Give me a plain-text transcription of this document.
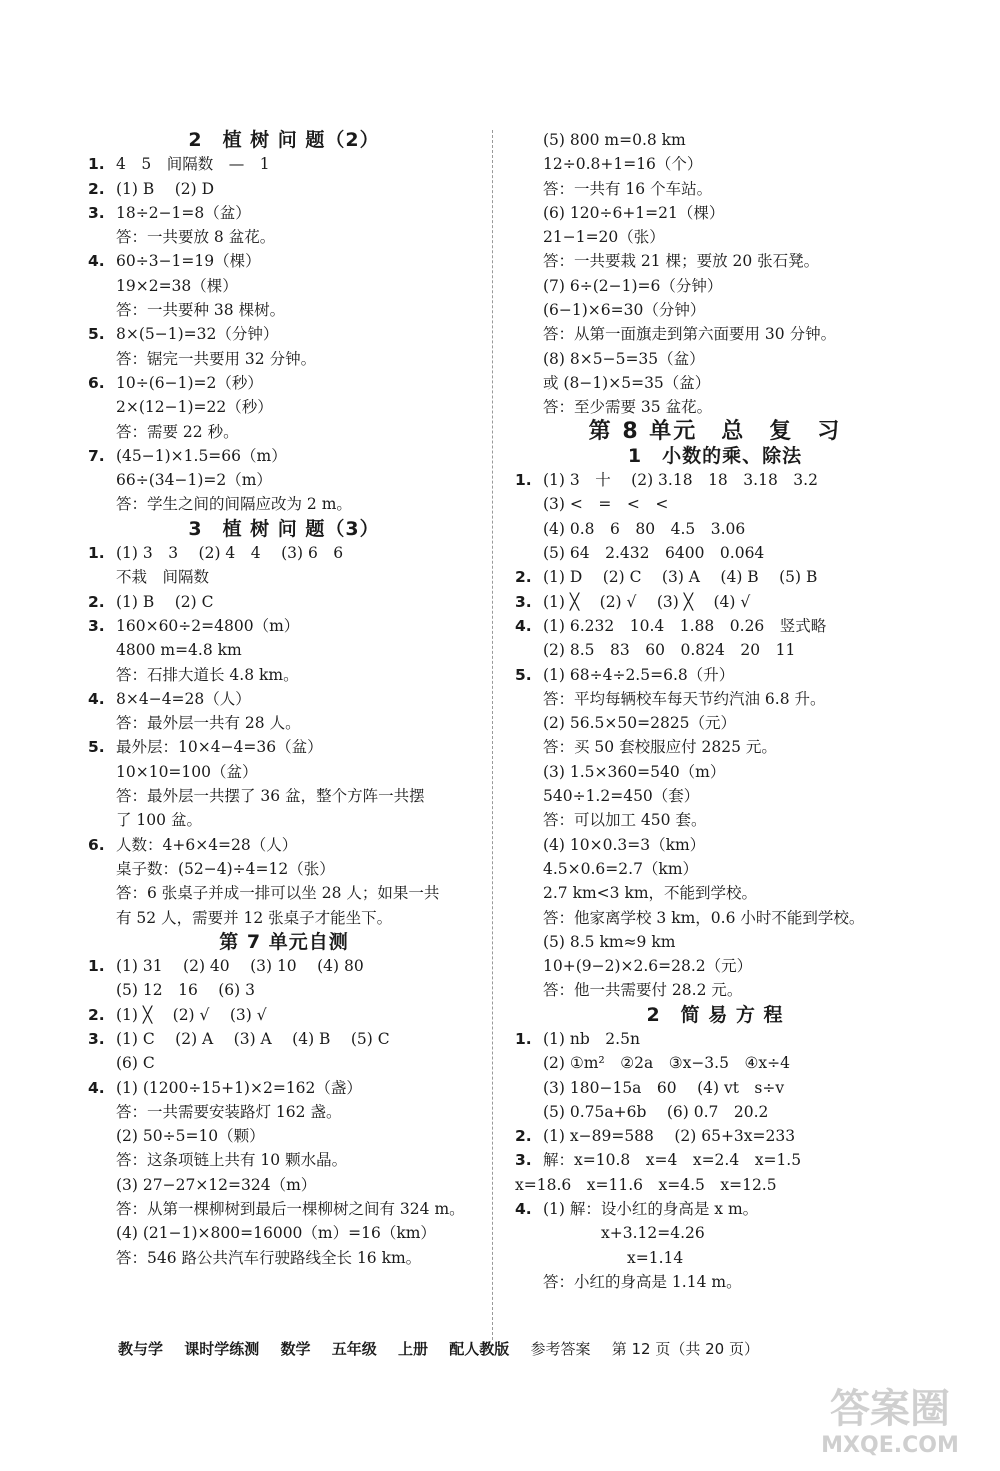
2　植 树 问 题（2）
1. 4　5　间隔数　—　1
2. (1) B　 (2) D
3. 18÷2−1=8（盆）
答：一共要放 8 盆花。
4. 60÷3−1=19（棵）
19×2=38（棵）
答：一共要种 38 棵树。
5. 8×(5−1)=32（分钟）
答：锯完一共要用 32 分钟。
6. 10÷(6−1)=2（秒）
2×(12−1)=22（秒）
答：需要 22 秒。
7. (45−1)×1.5=66（m）
66÷(34−1)=2（m）
答：学生之间的间隔应改为 2 m。
3　植 树 问 题（3）
1. (1) 3　3　 (2) 4　4　 (3) 6　6
不栽　间隔数
2. (1) B　 (2) C
3. 160×60÷2=4800（m）
4800 m=4.8 km
答：石排大道长 4.8 km。
4. 8×4−4=28（人）
答：最外层一共有 28 人。
5. 最外层：10×4−4=36（盆）
10×10=100（盆）
答：最外层一共摆了 36 盆，整个方阵一共摆
了 100 盆。
6. 人数：4+6×4=28（人）
桌子数：(52−4)÷4=12（张）
答：6 张桌子并成一排可以坐 28 人；如果一共
有 52 人，需要并 12 张桌子才能坐下。
第 7 单元自测
1. (1) 31　 (2) 40　 (3) 10　 (4) 80
(5) 12　16　 (6) 3
2. (1) ╳　 (2) √　 (3) √
3. (1) C　 (2) A　 (3) A　 (4) B　 (5) C
(6) C
4. (1) (1200÷15+1)×2=162（盏）
答：一共需要安装路灯 162 盏。
(2) 50÷5=10（颗）
答：这条项链上共有 10 颗水晶。
(3) 27−27×12=324（m）
答：从第一棵柳树到最后一棵柳树之间有 324 m。
(4) (21−1)×800=16000（m）=16（km）
答：546 路公共汽车行驶路线全长 16 km。
(5) 800 m=0.8 km
12÷0.8+1=16（个）
答：一共有 16 个车站。
(6) 120÷6+1=21（棵）
21−1=20（张）
答：一共要栽 21 棵；要放 20 张石凳。
(7) 6÷(2−1)=6（分钟）
(6−1)×6=30（分钟）
答：从第一面旗走到第六面要用 30 分钟。
(8) 8×5−5=35（盆）
或 (8−1)×5=35（盆）
答：至少需要 35 盆花。
第 8 单元　总　复　习
1　小数的乘、除法
1. (1) 3　十　 (2) 3.18　18　3.18　3.2
(3) <　=　<　<
(4) 0.8　6　80　4.5　3.06
(5) 64　2.432　6400　0.064
2. (1) D　 (2) C　 (3) A　 (4) B　 (5) B
3. (1) ╳　 (2) √　 (3) ╳　 (4) √
4. (1) 6.232　10.4　1.88　0.26　竖式略
(2) 8.5　83　60　0.824　20　11
5. (1) 68÷4÷2.5=6.8（升）
答：平均每辆校车每天节约汽油 6.8 升。
(2) 56.5×50=2825（元）
答：买 50 套校服应付 2825 元。
(3) 1.5×360=540（m）
540÷1.2=450（套）
答：可以加工 450 套。
(4) 10×0.3=3（km）
4.5×0.6=2.7（km）
2.7 km<3 km，不能到学校。
答：他家离学校 3 km，0.6 小时不能到学校。
(5) 8.5 km≈9 km
10+(9−2)×2.6=28.2（元）
答：他一共需要付 28.2 元。
2　简 易 方 程
1. (1) nb　2.5n
(2) ①m²　②2a　③x−3.5　④x÷4
(3) 180−15a　60　 (4) vt　s÷v
(5) 0.75a+6b　 (6) 0.7　20.2
2. (1) x−89=588　 (2) 65+3x=233
3. 解：x=10.8　x=4　x=2.4　x=1.5
x=18.6　x=11.6　x=4.5　x=12.5
4. (1) 解：设小红的身高是 x m。
x+3.12=4.26
x=1.14
答：小红的身高是 1.14 m。
教与学 课时学练测 数学 五年级 上册 配人教版 参考答案 第 12 页（共 20 页）
答案圈
MXQE.COM
